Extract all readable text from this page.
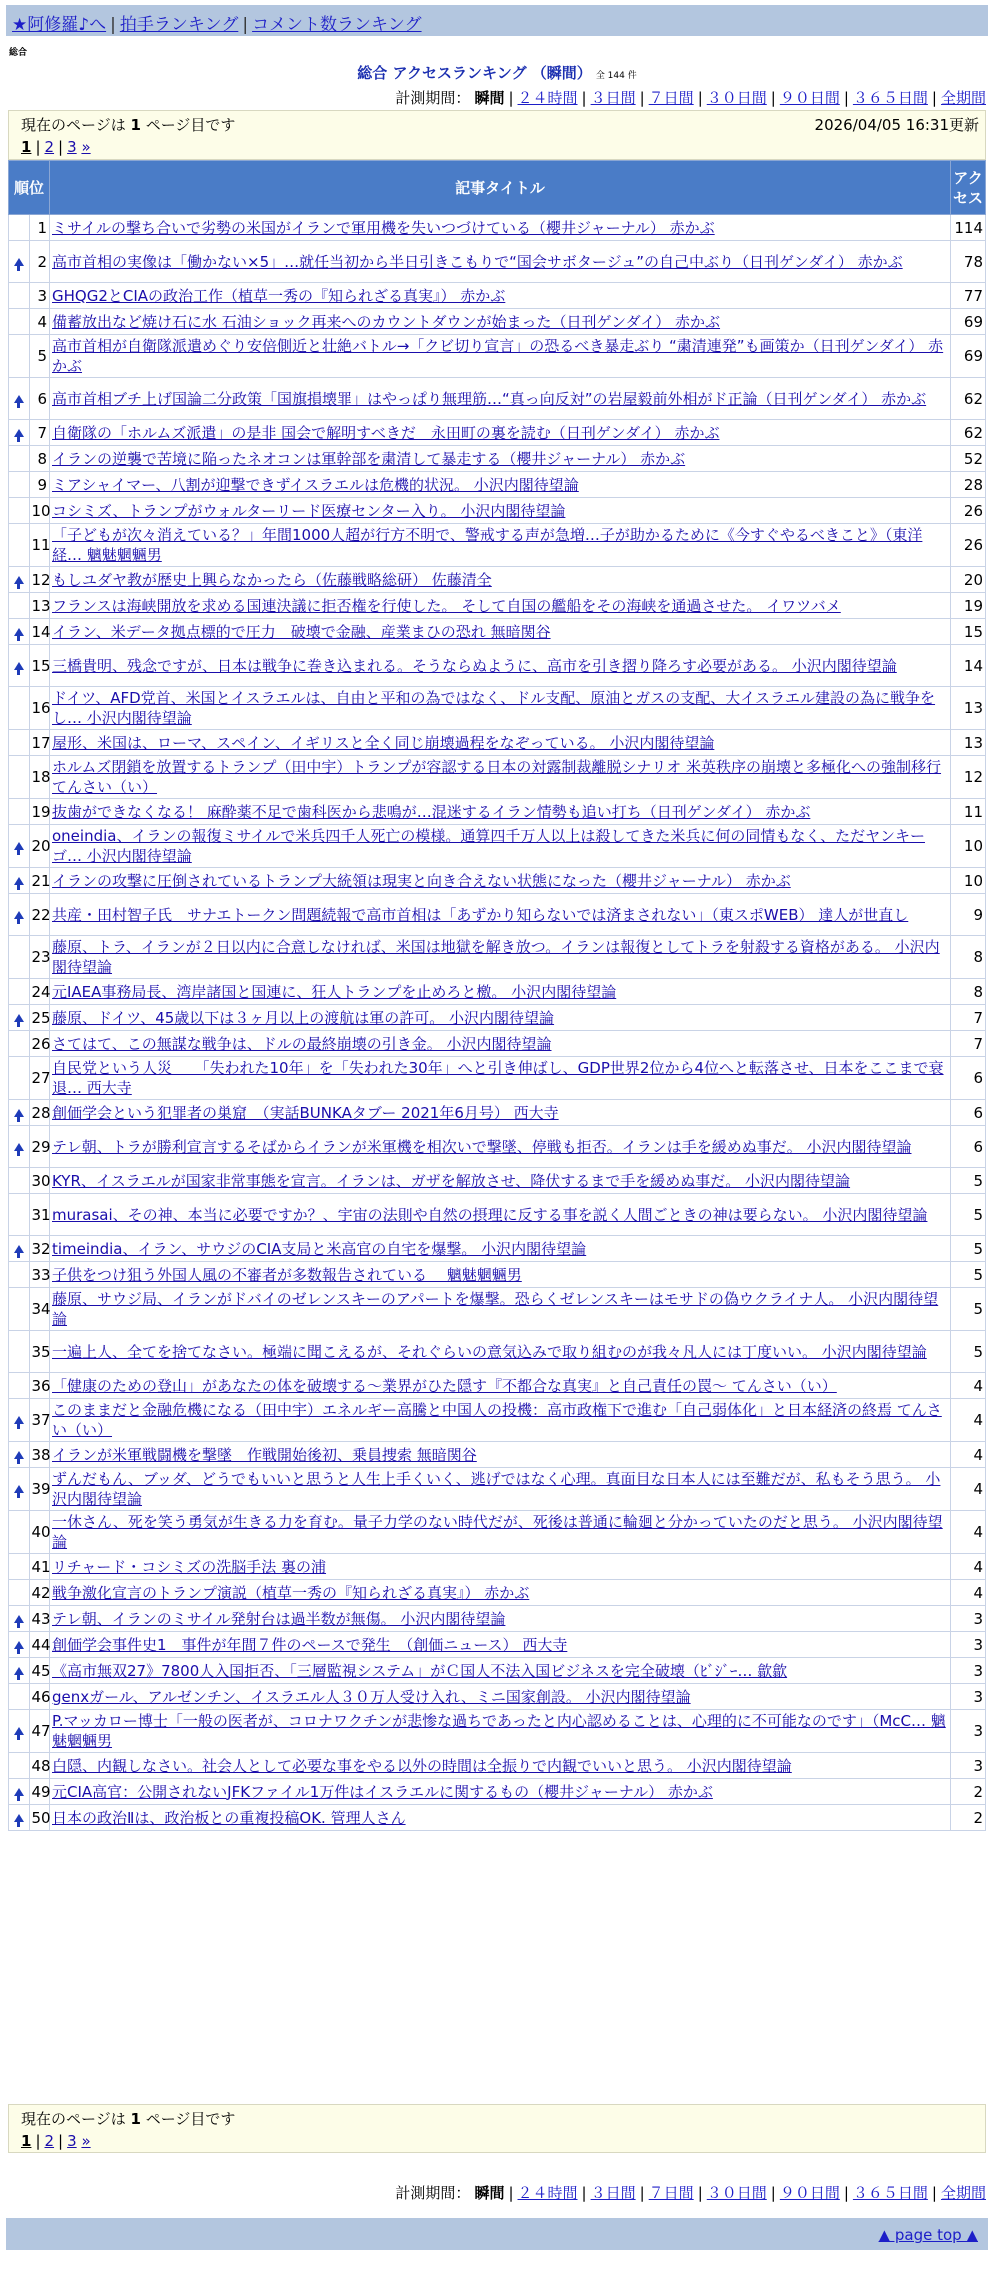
★阿修羅♪へ | 拍手ランキング | コメント数ランキング
総合
総合 アクセスランキング （瞬間） 全 144 件
計測期間： 瞬間 | ２４時間 | ３日間 | ７日間 | ３０日間 | ９０日間 | ３６５日間 | 全期間
現在のページは 1 ページ目です	2026/04/05 16:31更新
1 | 2 | 3 »
順位		記事タイトル	アクセス
	1	ミサイルの撃ち合いで劣勢の米国がイランで軍用機を失いつづけている（櫻井ジャーナル） 赤かぶ	114
	2	高市首相の実像は「働かない×5」…就任当初から半日引きこもりで“国会サボタージュ”の自己中ぶり（日刊ゲンダイ） 赤かぶ	78
	3	GHQG2とCIAの政治工作（植草一秀の『知られざる真実』） 赤かぶ	77
	4	備蓄放出など焼け石に水 石油ショック再来へのカウントダウンが始まった（日刊ゲンダイ） 赤かぶ	69
	5	高市首相が自衛隊派遣めぐり安倍側近と壮絶バトル→「クビ切り宣言」の恐るべき暴走ぶり “粛清連発”も画策か（日刊ゲンダイ） 赤かぶ	69
	6	高市首相ブチ上げ国論二分政策「国旗損壊罪」はやっぱり無理筋…“真っ向反対”の岩屋毅前外相がド正論（日刊ゲンダイ） 赤かぶ	62
	7	自衛隊の「ホルムズ派遣」の是非 国会で解明すべきだ　永田町の裏を読む（日刊ゲンダイ） 赤かぶ	62
	8	イランの逆襲で苦境に陥ったネオコンは軍幹部を粛清して暴走する（櫻井ジャーナル） 赤かぶ	52
	9	ミアシャイマー、八割が迎撃できずイスラエルは危機的状況。 小沢内閣待望論	28
	10	コシミズ、トランプがウォルターリード医療センター入り。 小沢内閣待望論	26
	11	「子どもが次々消えている？」年間1000人超が行方不明で、警戒する声が急増…子が助かるために《今すぐやるべきこと》（東洋経… 魑魅魍魎男	26
	12	もしユダヤ教が歴史上興らなかったら（佐藤戦略総研） 佐藤清全	20
	13	フランスは海峡開放を求める国連決議に拒否権を行使した。 そして自国の艦船をその海峡を通過させた。 イワツバメ	19
	14	イラン、米データ拠点標的で圧力　破壊で金融、産業まひの恐れ 無暗関谷	15
	15	三橋貴明、残念ですが、日本は戦争に巻き込まれる。そうならぬように、高市を引き摺り降ろす必要がある。 小沢内閣待望論	14
	16	ドイツ、AFD党首、米国とイスラエルは、自由と平和の為ではなく、ドル支配、原油とガスの支配、大イスラエル建設の為に戦争をし… 小沢内閣待望論	13
	17	屋形、米国は、ローマ、スペイン、イギリスと全く同じ崩壊過程をなぞっている。 小沢内閣待望論	13
	18	ホルムズ閉鎖を放置するトランプ（田中宇）トランプが容認する日本の対露制裁離脱シナリオ 米英秩序の崩壊と多極化への強制移行 てんさい（い）	12
	19	抜歯ができなくなる！ 麻酔薬不足で歯科医から悲鳴が…混迷するイラン情勢も追い打ち（日刊ゲンダイ） 赤かぶ	11
	20	oneindia、イランの報復ミサイルで米兵四千人死亡の模様。通算四千万人以上は殺してきた米兵に何の同情もなく、ただヤンキーゴ… 小沢内閣待望論	10
	21	イランの攻撃に圧倒されているトランプ大統領は現実と向き合えない状態になった（櫻井ジャーナル） 赤かぶ	10
	22	共産・田村智子氏　サナエトークン問題続報で高市首相は「あずかり知らないでは済まされない」（東スポWEB） 達人が世直し	9
	23	藤原、トラ、イランが２日以内に合意しなければ、米国は地獄を解き放つ。イランは報復としてトラを射殺する資格がある。 小沢内閣待望論	8
	24	元IAEA事務局長、湾岸諸国と国連に、狂人トランプを止めろと檄。 小沢内閣待望論	8
	25	藤原、ドイツ、45歳以下は３ヶ月以上の渡航は軍の許可。 小沢内閣待望論	7
	26	さてはて、この無謀な戦争は、ドルの最終崩壊の引き金。 小沢内閣待望論	7
	27	自民党という人災　　「失われた10年」を「失われた30年」へと引き伸ばし、GDP世界2位から4位へと転落させ、日本をここまで衰退… 西大寺	6
	28	創価学会という犯罪者の巣窟　（実話BUNKAタブー 2021年6月号） 西大寺	6
	29	テレ朝、トラが勝利宣言するそばからイランが米軍機を相次いで撃墜、停戦も拒否。イランは手を緩めぬ事だ。 小沢内閣待望論	6
	30	KYR、イスラエルが国家非常事態を宣言。イランは、ガザを解放させ、降伏するまで手を緩めぬ事だ。 小沢内閣待望論	5
	31	murasai、その神、本当に必要ですか？、宇宙の法則や自然の摂理に反する事を説く人間ごときの神は要らない。 小沢内閣待望論	5
	32	timeindia、イラン、サウジのCIA支局と米高官の自宅を爆撃。 小沢内閣待望論	5
	33	子供をつけ狙う外国人風の不審者が多数報告されている　 魑魅魍魎男	5
	34	藤原、サウジ局、イランがドバイのゼレンスキーのアパートを爆撃。恐らくゼレンスキーはモサドの偽ウクライナ人。 小沢内閣待望論	5
	35	一遍上人、全てを捨てなさい。極端に聞こえるが、それぐらいの意気込みで取り組むのが我々凡人には丁度いい。 小沢内閣待望論	5
	36	「健康のための登山」があなたの体を破壊する～業界がひた隠す『不都合な真実』と自己責任の罠～ てんさい（い）	4
	37	このままだと金融危機になる（田中宇）エネルギー高騰と中国人の投機：高市政権下で進む「自己弱体化」と日本経済の終焉 てんさい（い）	4
	38	イランが米軍戦闘機を撃墜　作戦開始後初、乗員捜索 無暗関谷	4
	39	ずんだもん、ブッダ、どうでもいいと思うと人生上手くいく、逃げではなく心理。真面目な日本人には至難だが、私もそう思う。 小沢内閣待望論	4
	40	一休さん、死を笑う勇気が生きる力を育む。量子力学のない時代だが、死後は普通に輪廻と分かっていたのだと思う。 小沢内閣待望論	4
	41	リチャード・コシミズの洗脳手法 裏の浦	4
	42	戦争激化宣言のトランプ演説（植草一秀の『知られざる真実』） 赤かぶ	4
	43	テレ朝、イランのミサイル発射台は過半数が無傷。 小沢内閣待望論	3
	44	創価学会事件史1　事件が年間７件のペースで発生　（創価ニュース） 西大寺	3
	45	《高市無双27》7800人入国拒否、「三層監視システム」がＣ国人不法入国ビジネスを完全破壊（ﾋﾞｼﾞｰ… 歙歙	3
	46	genxガール、アルゼンチン、イスラエル人３０万人受け入れ、ミニ国家創設。 小沢内閣待望論	3
	47	P.マッカロー博士「一般の医者が、コロナワクチンが悲惨な過ちであったと内心認めることは、心理的に不可能なのです」（McC… 魑魅魍魎男	3
	48	白隠、内観しなさい。社会人として必要な事をやる以外の時間は全振りで内観でいいと思う。 小沢内閣待望論	3
	49	元CIA高官：公開されないJFKファイル1万件はイスラエルに関するもの（櫻井ジャーナル） 赤かぶ	2
	50	日本の政治Ⅱは、政治板との重複投稿OK. 管理人さん	2
現在のページは 1 ページ目です
1 | 2 | 3 »
計測期間： 瞬間 | ２４時間 | ３日間 | ７日間 | ３０日間 | ９０日間 | ３６５日間 | 全期間
▲ page top ▲
